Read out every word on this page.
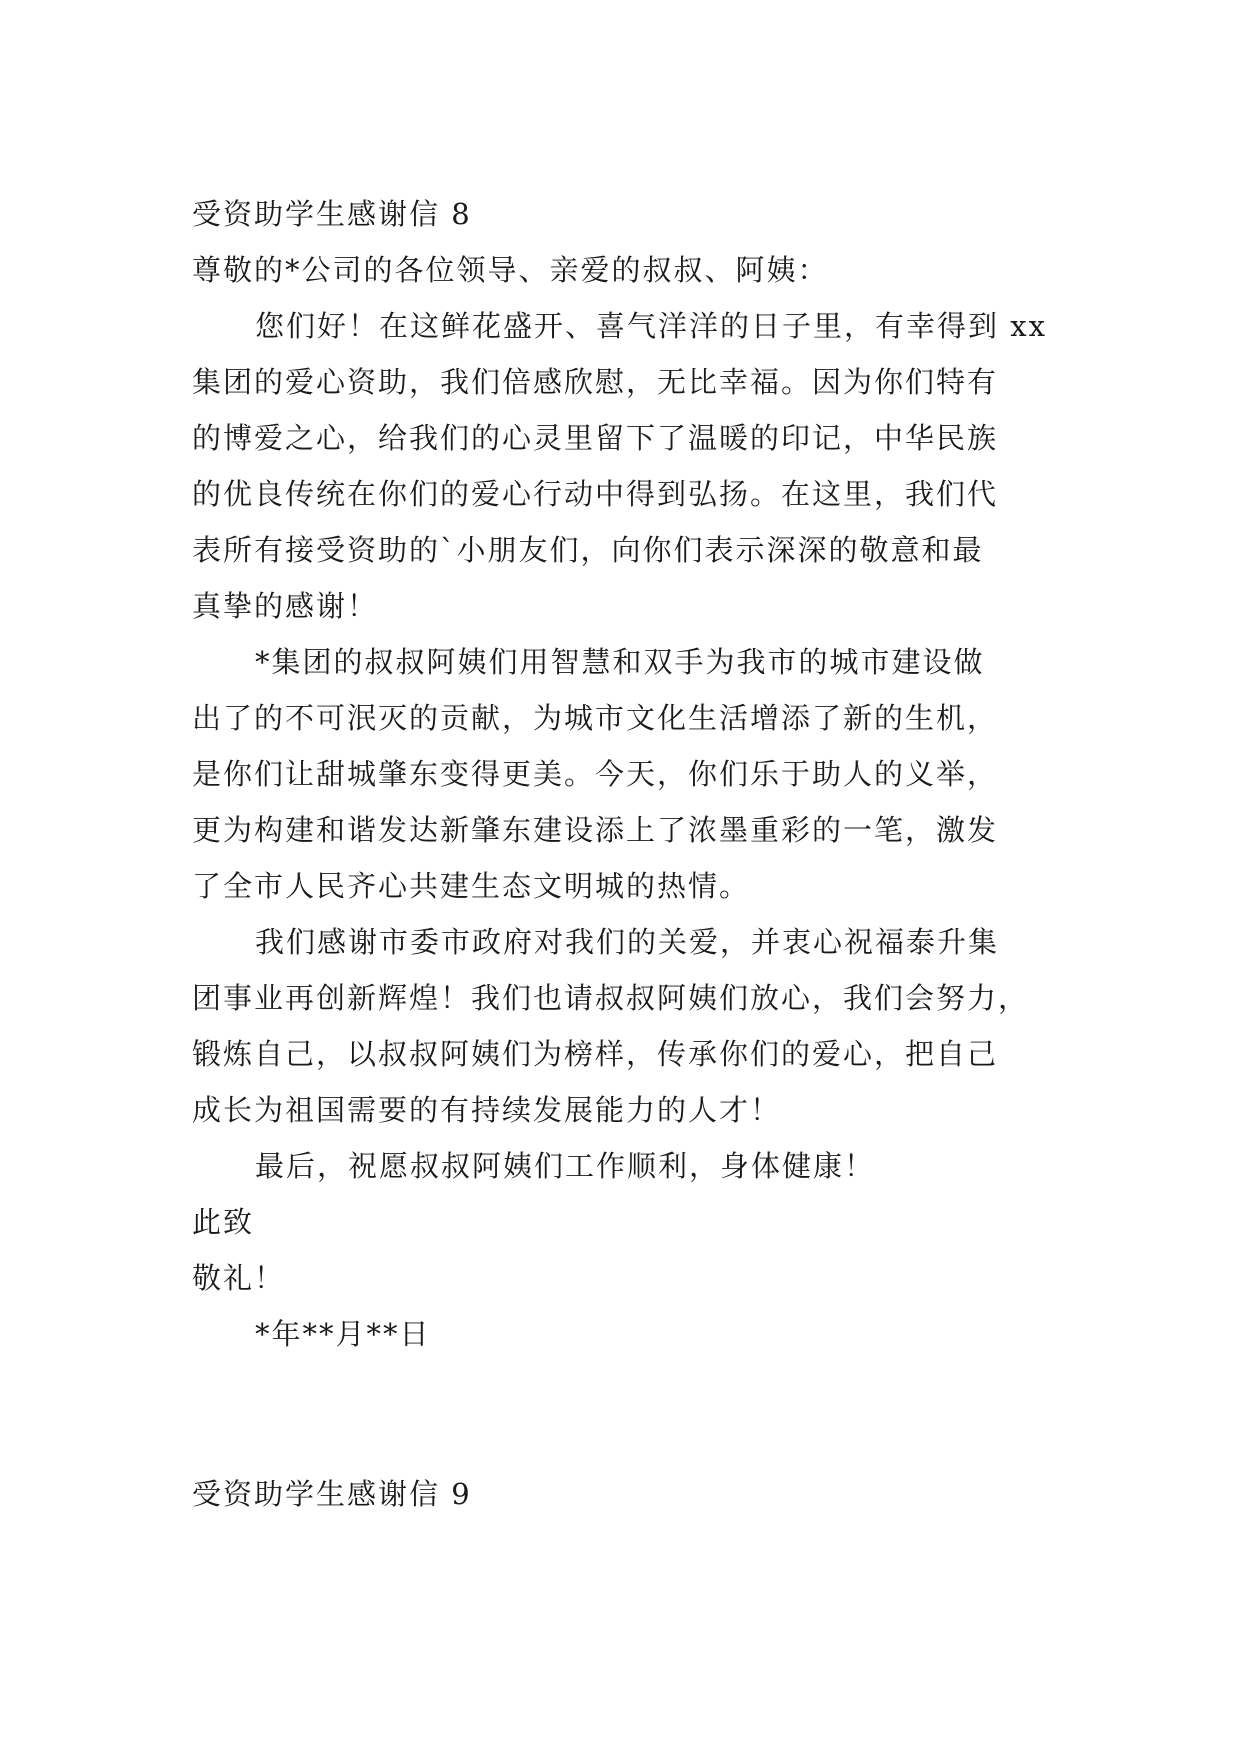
受资助学生感谢信 8
尊敬的*公司的各位领导、亲爱的叔叔、阿姨：
您们好！在这鲜花盛开、喜气洋洋的日子里，有幸得到 xx
集团的爱心资助，我们倍感欣慰，无比幸福。因为你们特有
的博爱之心，给我们的心灵里留下了温暖的印记，中华民族
的优良传统在你们的爱心行动中得到弘扬。在这里，我们代
表所有接受资助的`小朋友们，向你们表示深深的敬意和最
真挚的感谢！
*集团的叔叔阿姨们用智慧和双手为我市的城市建设做
出了的不可泯灭的贡献，为城市文化生活增添了新的生机，
是你们让甜城肇东变得更美。今天，你们乐于助人的义举，
更为构建和谐发达新肇东建设添上了浓墨重彩的一笔，激发
了全市人民齐心共建生态文明城的热情。
我们感谢市委市政府对我们的关爱，并衷心祝福泰升集
团事业再创新辉煌！我们也请叔叔阿姨们放心，我们会努力，
锻炼自己，以叔叔阿姨们为榜样，传承你们的爱心，把自己
成长为祖国需要的有持续发展能力的人才！
最后，祝愿叔叔阿姨们工作顺利，身体健康！
此致
敬礼！
*年**月**日
受资助学生感谢信 9
